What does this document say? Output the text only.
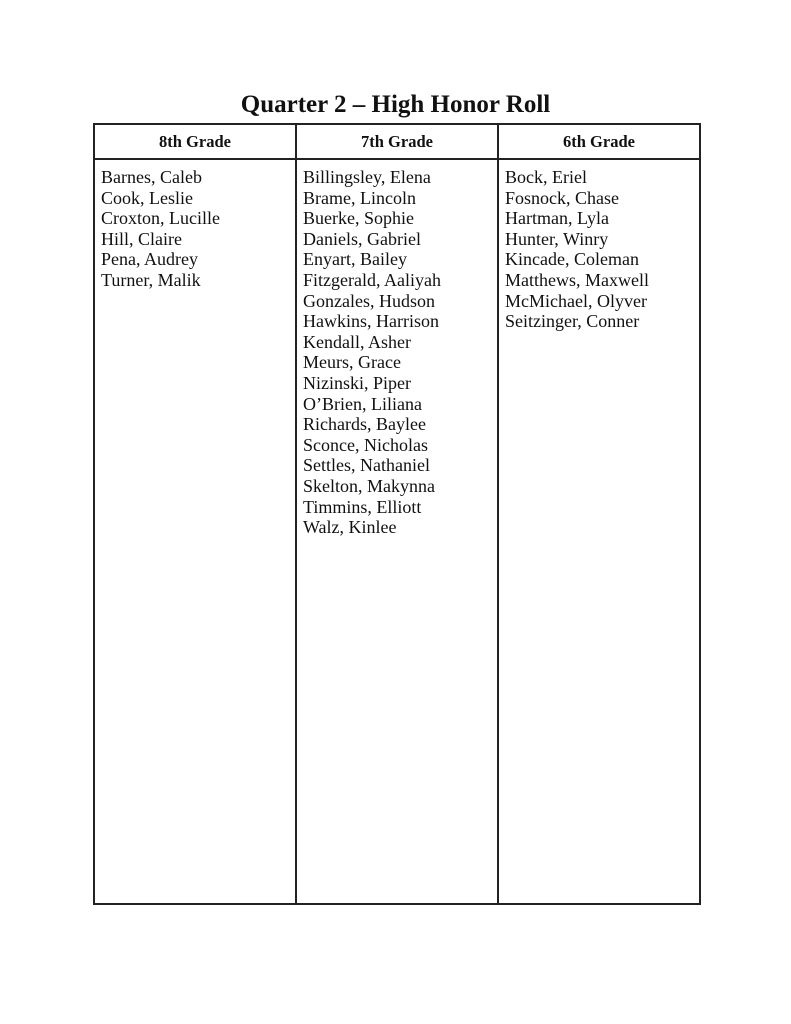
Quarter 2 – High Honor Roll
8th Grade
Barnes, Caleb
Cook, Leslie
Croxton, Lucille
Hill, Claire
Pena, Audrey
Turner, Malik
7th Grade
Billingsley, Elena
Brame, Lincoln
Buerke, Sophie
Daniels, Gabriel
Enyart, Bailey
Fitzgerald, Aaliyah
Gonzales, Hudson
Hawkins, Harrison
Kendall, Asher
Meurs, Grace
Nizinski, Piper
O’Brien, Liliana
Richards, Baylee
Sconce, Nicholas
Settles, Nathaniel
Skelton, Makynna
Timmins, Elliott
Walz, Kinlee
6th Grade
Bock, Eriel
Fosnock, Chase
Hartman, Lyla
Hunter, Winry
Kincade, Coleman
Matthews, Maxwell
McMichael, Olyver
Seitzinger, Conner
